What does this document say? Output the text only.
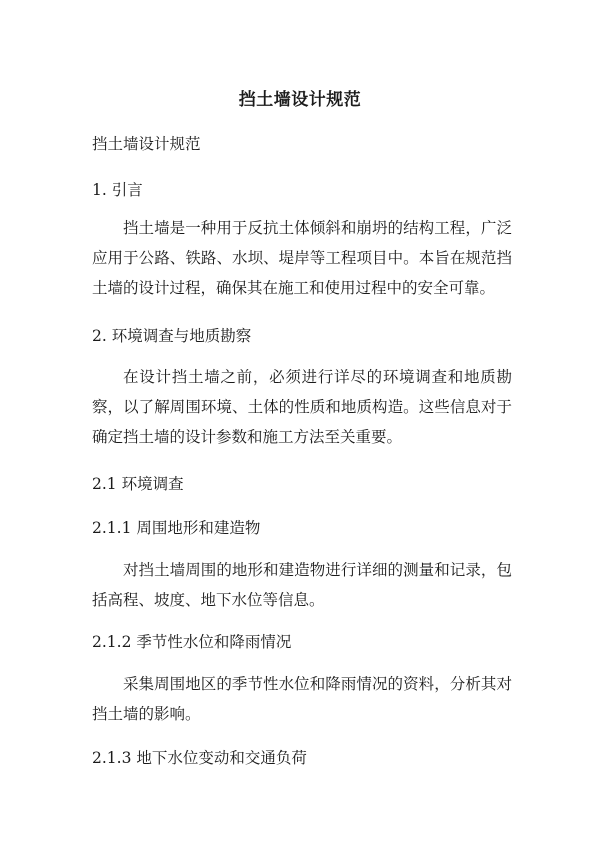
挡土墙设计规范
挡土墙设计规范
1. 引言
挡土墙是一种用于反抗土体倾斜和崩坍的结构工程，广泛应用于公路、铁路、水坝、堤岸等工程项目中。本旨在规范挡土墙的设计过程，确保其在施工和使用过程中的安全可靠。
2. 环境调查与地质勘察
在设计挡土墙之前，必须进行详尽的环境调查和地质勘察，以了解周围环境、土体的性质和地质构造。这些信息对于确定挡土墙的设计参数和施工方法至关重要。
2.1 环境调查
2.1.1 周围地形和建造物
对挡土墙周围的地形和建造物进行详细的测量和记录，包括高程、坡度、地下水位等信息。
2.1.2 季节性水位和降雨情况
采集周围地区的季节性水位和降雨情况的资料，分析其对挡土墙的影响。
2.1.3 地下水位变动和交通负荷
